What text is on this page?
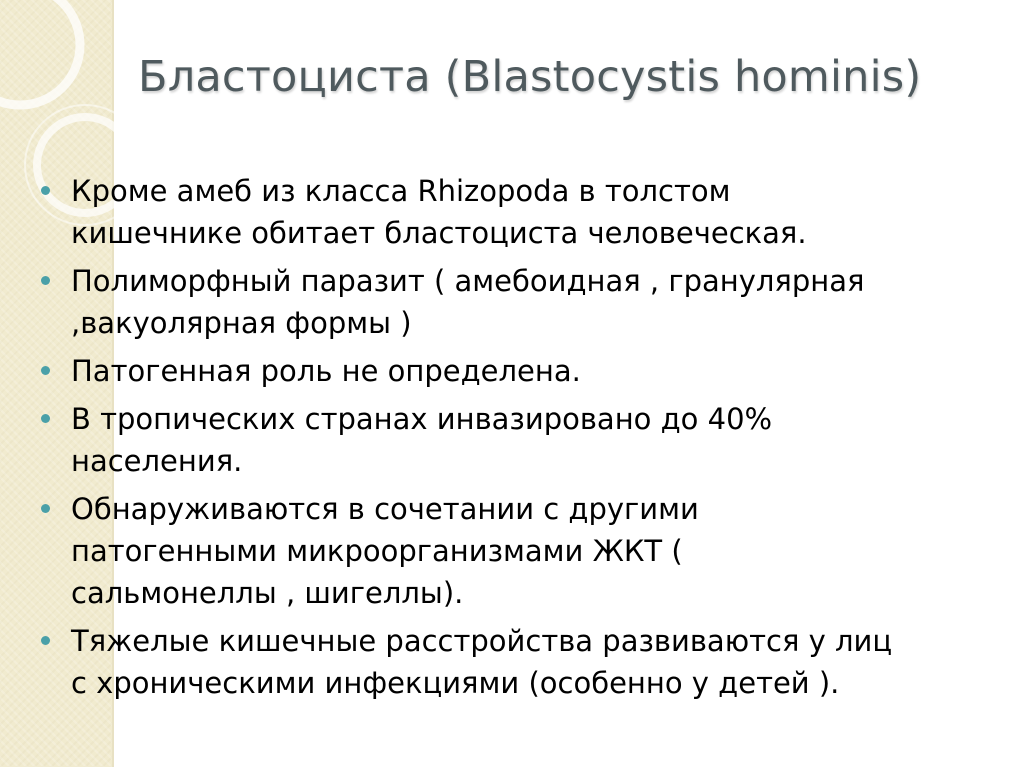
Бластоциста (Blastocystis hominis)
Кроме амеб из класса Rhizopoda в толстом
кишечнике обитает бластоциста человеческая.
Полиморфный паразит ( амебоидная , гранулярная
,вакуолярная формы )
Патогенная роль не определена.
В тропических странах инвазировано до 40%
населения.
Обнаруживаются в сочетании с другими
патогенными микроорганизмами ЖКТ (
сальмонеллы , шигеллы).
Тяжелые кишечные расстройства развиваются у лиц
с хроническими инфекциями (особенно у детей ).
